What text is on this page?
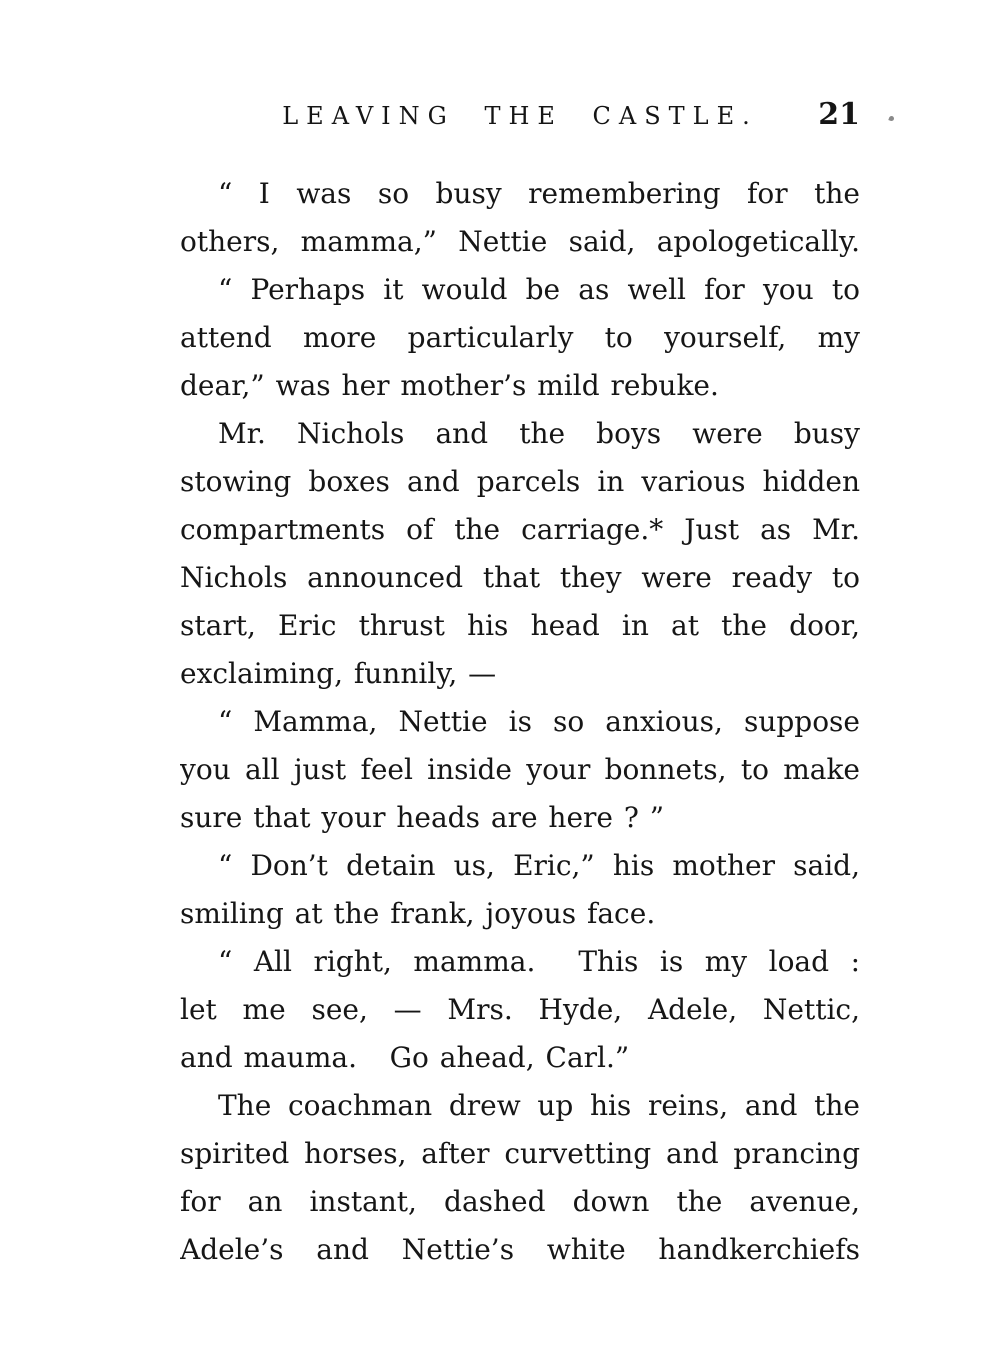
LEAVING THE CASTLE. 21
“ I was so busy remembering for the
others, mamma,” Nettie said, apologetically.
“ Perhaps it would be as well for you to
attend more particularly to yourself, my
dear,” was her mother’s mild rebuke.
Mr. Nichols and the boys were busy
stowing boxes and parcels in various hidden
compartments of the carriage.* Just as Mr.
Nichols announced that they were ready to
start, Eric thrust his head in at the door,
exclaiming, funnily, —
“ Mamma, Nettie is so anxious, suppose
you all just feel inside your bonnets, to make
sure that your heads are here ? ”
“ Don’t detain us, Eric,” his mother said,
smiling at the frank, joyous face.
“ All right, mamma.  This is my load :
let me see, — Mrs. Hyde, Adele, Nettic,
and mauma.   Go ahead, Carl.”
The coachman drew up his reins, and the
spirited horses, after curvetting and prancing
for an instant, dashed down the avenue,
Adele’s and Nettie’s white handkerchiefs
